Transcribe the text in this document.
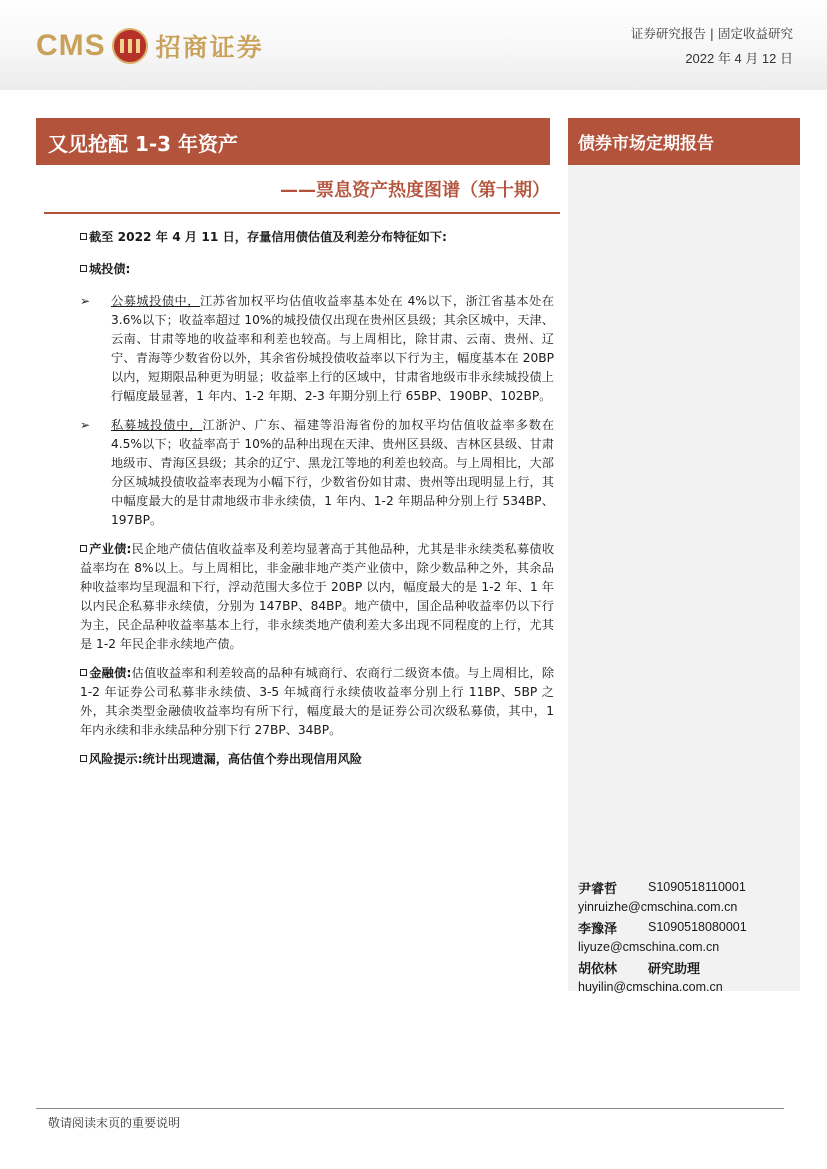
CMS 招商证券	证券研究报告 | 固定收益研究
2022 年 4 月 12 日
又见抢配 1-3 年资产
——票息资产热度图谱（第十期）
债券市场定期报告
尹睿哲	S1090518110001
yinruizhe@cmschina.com.cn
李豫泽	S1090518080001
liyuze@cmschina.com.cn
胡依林	研究助理
huyilin@cmschina.com.cn
截至 2022 年 4 月 11 日，存量信用债估值及利差分布特征如下:
城投债:
➢ 公募城投债中，江苏省加权平均估值收益率基本处在 4%以下，浙江省基本处在 3.6%以下；收益率超过 10%的城投债仅出现在贵州区县级；其余区城中，天津、云南、甘肃等地的收益率和利差也较高。与上周相比，除甘肃、云南、贵州、辽宁、青海等少数省份以外，其余省份城投债收益率以下行为主，幅度基本在 20BP 以内，短期限品种更为明显；收益率上行的区域中，甘肃省地级市非永续城投债上行幅度最显著，1 年内、1-2 年期、2-3 年期分别上行 65BP、190BP、102BP。
➢ 私募城投债中，江浙沪、广东、福建等沿海省份的加权平均估值收益率多数在 4.5%以下；收益率高于 10%的品种出现在天津、贵州区县级、吉林区县级、甘肃地级市、青海区县级；其余的辽宁、黑龙江等地的利差也较高。与上周相比，大部分区城城投债收益率表现为小幅下行，少数省份如甘肃、贵州等出现明显上行，其中幅度最大的是甘肃地级市非永续债，1 年内、1-2 年期品种分别上行 534BP、197BP。
产业债:民企地产债估值收益率及利差均显著高于其他品种，尤其是非永续类私募债收益率均在 8%以上。与上周相比，非金融非地产类产业债中，除少数品种之外，其余品种收益率均呈现温和下行，浮动范围大多位于 20BP 以内，幅度最大的是 1-2 年、1 年以内民企私募非永续债，分别为 147BP、84BP。地产债中，国企品种收益率仍以下行为主，民企品种收益率基本上行，非永续类地产债利差大多出现不同程度的上行，尤其是 1-2 年民企非永续地产债。
金融债:估值收益率和利差较高的品种有城商行、农商行二级资本债。与上周相比，除 1-2 年证券公司私募非永续债、3-5 年城商行永续债收益率分别上行 11BP、5BP 之外，其余类型金融债收益率均有所下行，幅度最大的是证券公司次级私募债，其中，1 年内永续和非永续品种分别下行 27BP、34BP。
风险提示:统计出现遗漏，高估值个券出现信用风险
敬请阅读末页的重要说明
